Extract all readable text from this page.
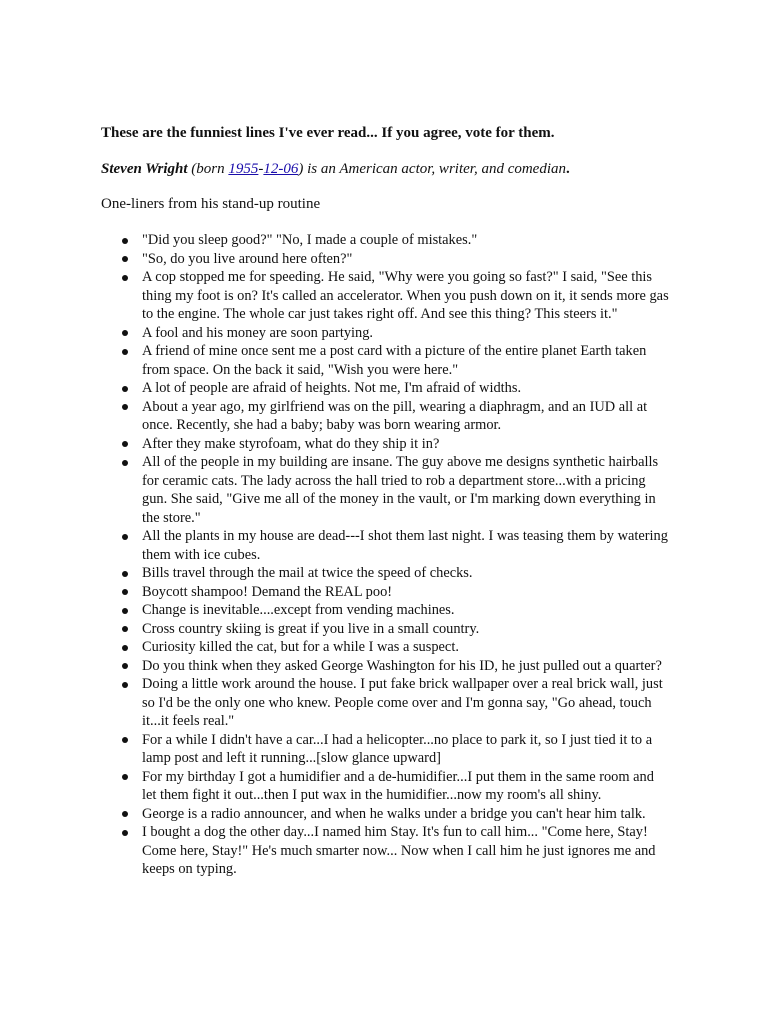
These are the funniest lines I've ever read... If you agree, vote for them.

Steven Wright (born 1955-12-06) is an American actor, writer, and comedian.

One-liners from his stand-up routine

"Did you sleep good?" "No, I made a couple of mistakes."
"So, do you live around here often?"
A cop stopped me for speeding. He said, "Why were you going so fast?" I said, "See this thing my foot is on? It's called an accelerator. When you push down on it, it sends more gas to the engine. The whole car just takes right off. And see this thing? This steers it."
A fool and his money are soon partying.
A friend of mine once sent me a post card with a picture of the entire planet Earth taken from space. On the back it said, "Wish you were here."
A lot of people are afraid of heights. Not me, I'm afraid of widths.
About a year ago, my girlfriend was on the pill, wearing a diaphragm, and an IUD all at once. Recently, she had a baby; baby was born wearing armor.
After they make styrofoam, what do they ship it in?
All of the people in my building are insane. The guy above me designs synthetic hairballs for ceramic cats. The lady across the hall tried to rob a department store...with a pricing gun. She said, "Give me all of the money in the vault, or I'm marking down everything in the store."
All the plants in my house are dead---I shot them last night. I was teasing them by watering them with ice cubes.
Bills travel through the mail at twice the speed of checks.
Boycott shampoo! Demand the REAL poo!
Change is inevitable....except from vending machines.
Cross country skiing is great if you live in a small country.
Curiosity killed the cat, but for a while I was a suspect.
Do you think when they asked George Washington for his ID, he just pulled out a quarter?
Doing a little work around the house. I put fake brick wallpaper over a real brick wall, just so I'd be the only one who knew. People come over and I'm gonna say, "Go ahead, touch it...it feels real."
For a while I didn't have a car...I had a helicopter...no place to park it, so I just tied it to a lamp post and left it running...[slow glance upward]
For my birthday I got a humidifier and a de-humidifier...I put them in the same room and let them fight it out...then I put wax in the humidifier...now my room's all shiny.
George is a radio announcer, and when he walks under a bridge you can't hear him talk.
I bought a dog the other day...I named him Stay. It's fun to call him... "Come here, Stay! Come here, Stay!" He's much smarter now... Now when I call him he just ignores me and keeps on typing.
